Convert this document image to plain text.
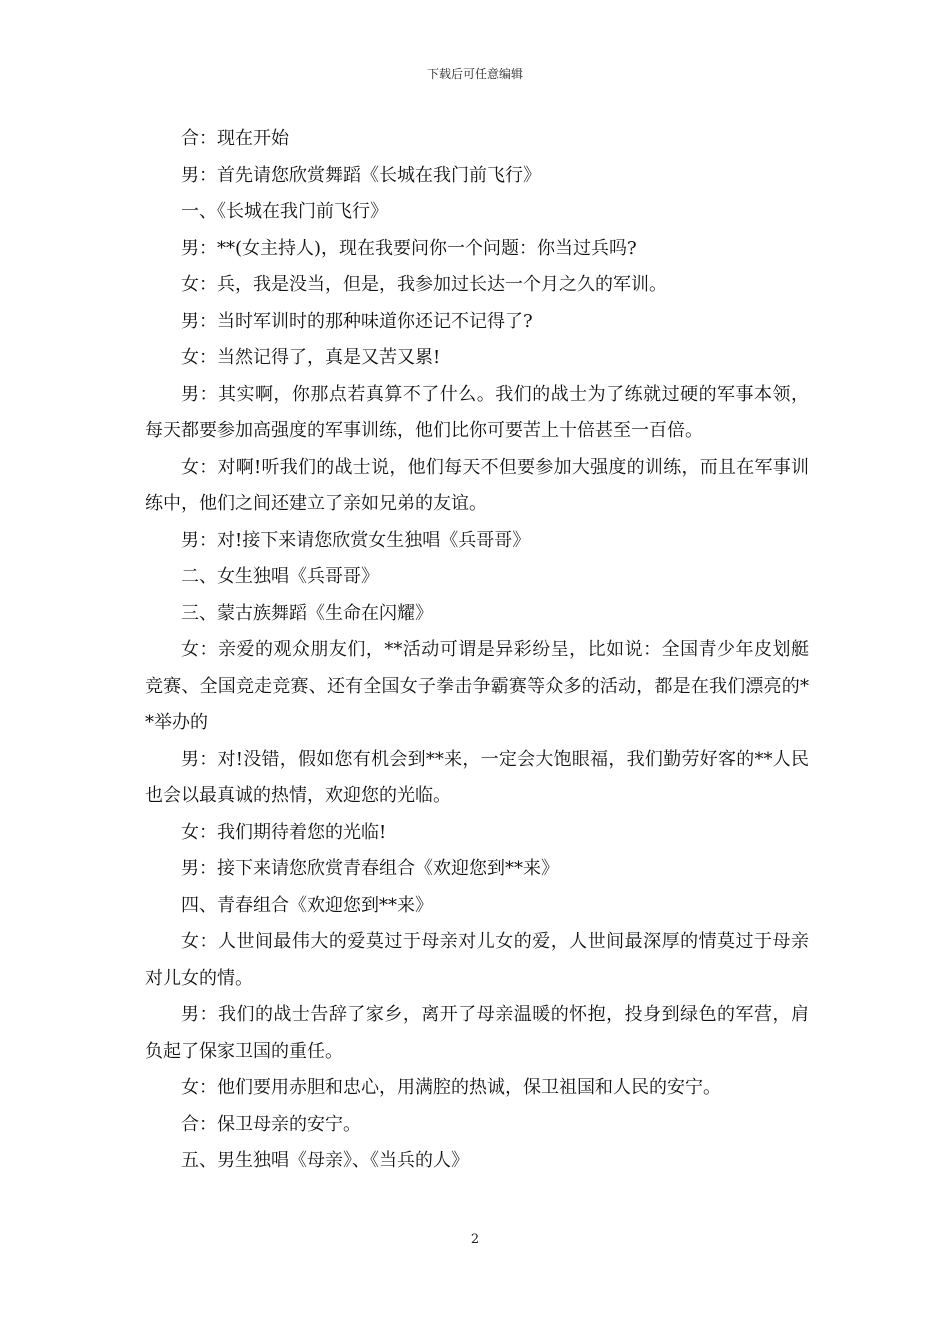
下载后可任意编辑

合：现在开始

男：首先请您欣赏舞蹈《长城在我门前飞行》

一、《长城在我门前飞行》

男：**(女主持人)，现在我要问你一个问题：你当过兵吗?

女：兵，我是没当，但是，我参加过长达一个月之久的军训。

男：当时军训时的那种味道你还记不记得了?

女：当然记得了，真是又苦又累!

男：其实啊，你那点若真算不了什么。我们的战士为了练就过硬的军事本领，每天都要参加高强度的军事训练，他们比你可要苦上十倍甚至一百倍。

女：对啊!听我们的战士说，他们每天不但要参加大强度的训练，而且在军事训练中，他们之间还建立了亲如兄弟的友谊。

男：对!接下来请您欣赏女生独唱《兵哥哥》

二、女生独唱《兵哥哥》

三、蒙古族舞蹈《生命在闪耀》

女：亲爱的观众朋友们，**活动可谓是异彩纷呈，比如说：全国青少年皮划艇竞赛、全国竞走竞赛、还有全国女子拳击争霸赛等众多的活动，都是在我们漂亮的**举办的

男：对!没错，假如您有机会到**来，一定会大饱眼福，我们勤劳好客的**人民也会以最真诚的热情，欢迎您的光临。

女：我们期待着您的光临!

男：接下来请您欣赏青春组合《欢迎您到**来》

四、青春组合《欢迎您到**来》

女：人世间最伟大的爱莫过于母亲对儿女的爱，人世间最深厚的情莫过于母亲对儿女的情。

男：我们的战士告辞了家乡，离开了母亲温暖的怀抱，投身到绿色的军营，肩负起了保家卫国的重任。

女：他们要用赤胆和忠心，用满腔的热诚，保卫祖国和人民的安宁。

合：保卫母亲的安宁。

五、男生独唱《母亲》、《当兵的人》

2
